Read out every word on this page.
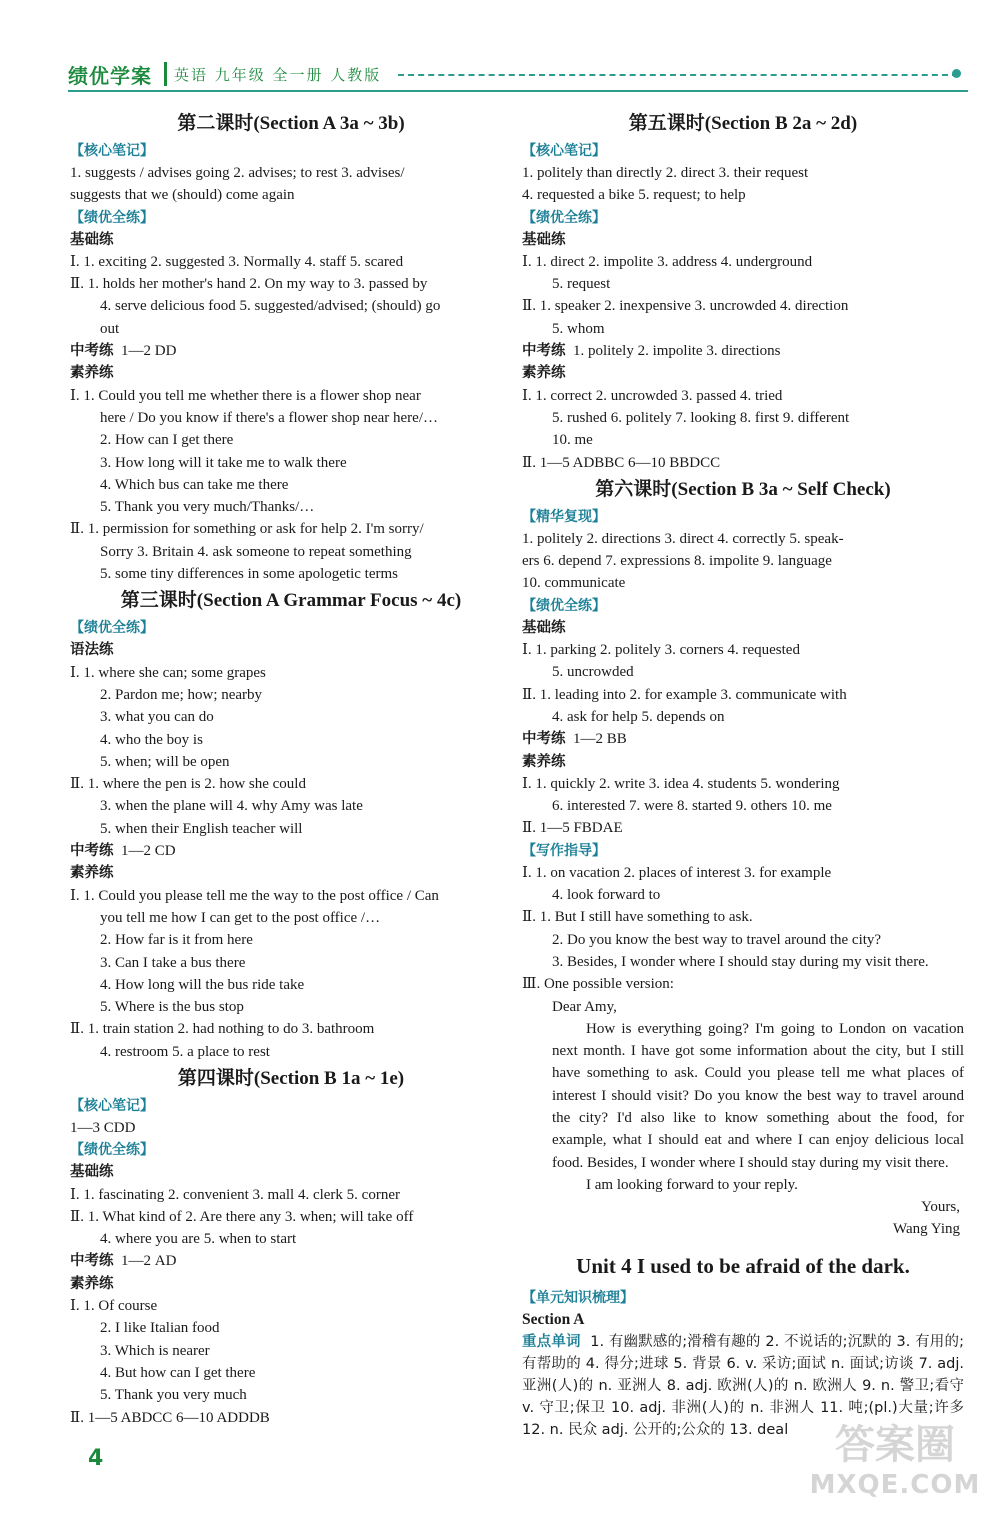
绩优学案 英语 九年级 全一册 人教版
第二课时(Section A 3a ~ 3b)
【核心笔记】
1. suggests / advises going 2. advises; to rest 3. advises/
suggests that we (should) come again
【绩优全练】
基础练
Ⅰ. 1. exciting 2. suggested 3. Normally 4. staff 5. scared
Ⅱ. 1. holds her mother's hand 2. On my way to 3. passed by
4. serve delicious food 5. suggested/advised; (should) go
out
中考练 1—2 DD
素养练
Ⅰ. 1. Could you tell me whether there is a flower shop near
here / Do you know if there's a flower shop near here/…
2. How can I get there
3. How long will it take me to walk there
4. Which bus can take me there
5. Thank you very much/Thanks/…
Ⅱ. 1. permission for something or ask for help 2. I'm sorry/
Sorry 3. Britain 4. ask someone to repeat something
5. some tiny differences in some apologetic terms
第三课时(Section A Grammar Focus ~ 4c)
【绩优全练】
语法练
Ⅰ. 1. where she can; some grapes
2. Pardon me; how; nearby
3. what you can do
4. who the boy is
5. when; will be open
Ⅱ. 1. where the pen is 2. how she could
3. when the plane will 4. why Amy was late
5. when their English teacher will
中考练 1—2 CD
素养练
Ⅰ. 1. Could you please tell me the way to the post office / Can
you tell me how I can get to the post office /…
2. How far is it from here
3. Can I take a bus there
4. How long will the bus ride take
5. Where is the bus stop
Ⅱ. 1. train station 2. had nothing to do 3. bathroom
4. restroom 5. a place to rest
第四课时(Section B 1a ~ 1e)
【核心笔记】
1—3 CDD
【绩优全练】
基础练
Ⅰ. 1. fascinating 2. convenient 3. mall 4. clerk 5. corner
Ⅱ. 1. What kind of 2. Are there any 3. when; will take off
4. where you are 5. when to start
中考练 1—2 AD
素养练
Ⅰ. 1. Of course
2. I like Italian food
3. Which is nearer
4. But how can I get there
5. Thank you very much
Ⅱ. 1—5 ABDCC 6—10 ADDDB
第五课时(Section B 2a ~ 2d)
【核心笔记】
1. politely than directly 2. direct 3. their request
4. requested a bike 5. request; to help
【绩优全练】
基础练
Ⅰ. 1. direct 2. impolite 3. address 4. underground
5. request
Ⅱ. 1. speaker 2. inexpensive 3. uncrowded 4. direction
5. whom
中考练 1. politely 2. impolite 3. directions
素养练
Ⅰ. 1. correct 2. uncrowded 3. passed 4. tried
5. rushed 6. politely 7. looking 8. first 9. different
10. me
Ⅱ. 1—5 ADBBC 6—10 BBDCC
第六课时(Section B 3a ~ Self Check)
【精华复现】
1. politely 2. directions 3. direct 4. correctly 5. speak-
ers 6. depend 7. expressions 8. impolite 9. language
10. communicate
【绩优全练】
基础练
Ⅰ. 1. parking 2. politely 3. corners 4. requested
5. uncrowded
Ⅱ. 1. leading into 2. for example 3. communicate with
4. ask for help 5. depends on
中考练 1—2 BB
素养练
Ⅰ. 1. quickly 2. write 3. idea 4. students 5. wondering
6. interested 7. were 8. started 9. others 10. me
Ⅱ. 1—5 FBDAE
【写作指导】
Ⅰ. 1. on vacation 2. places of interest 3. for example
4. look forward to
Ⅱ. 1. But I still have something to ask.
2. Do you know the best way to travel around the city?
3. Besides, I wonder where I should stay during my visit there.
Ⅲ. One possible version:
Dear Amy,
How is everything going? I'm going to London on vacation next month. I have got some information about the city, but I still have something to ask. Could you please tell me what places of interest I should visit? Do you know the best way to travel around the city? I'd also like to know something about the food, for example, what I should eat and where I can enjoy delicious local food. Besides, I wonder where I should stay during my visit there.
I am looking forward to your reply.
Yours,
Wang Ying
Unit 4 I used to be afraid of the dark.
【单元知识梳理】
Section A
重点单词 1. 有幽默感的;滑稽有趣的 2. 不说话的;沉默的 3. 有用的;有帮助的 4. 得分;进球 5. 背景 6. v. 采访;面试 n. 面试;访谈 7. adj. 亚洲(人)的 n. 亚洲人 8. adj. 欧洲(人)的 n. 欧洲人 9. n. 警卫;看守 v. 守卫;保卫 10. adj. 非洲(人)的 n. 非洲人 11. 吨;(pl.)大量;许多 12. n. 民众 adj. 公开的;公众的 13. deal
4	答案圈
MXQE.COM
